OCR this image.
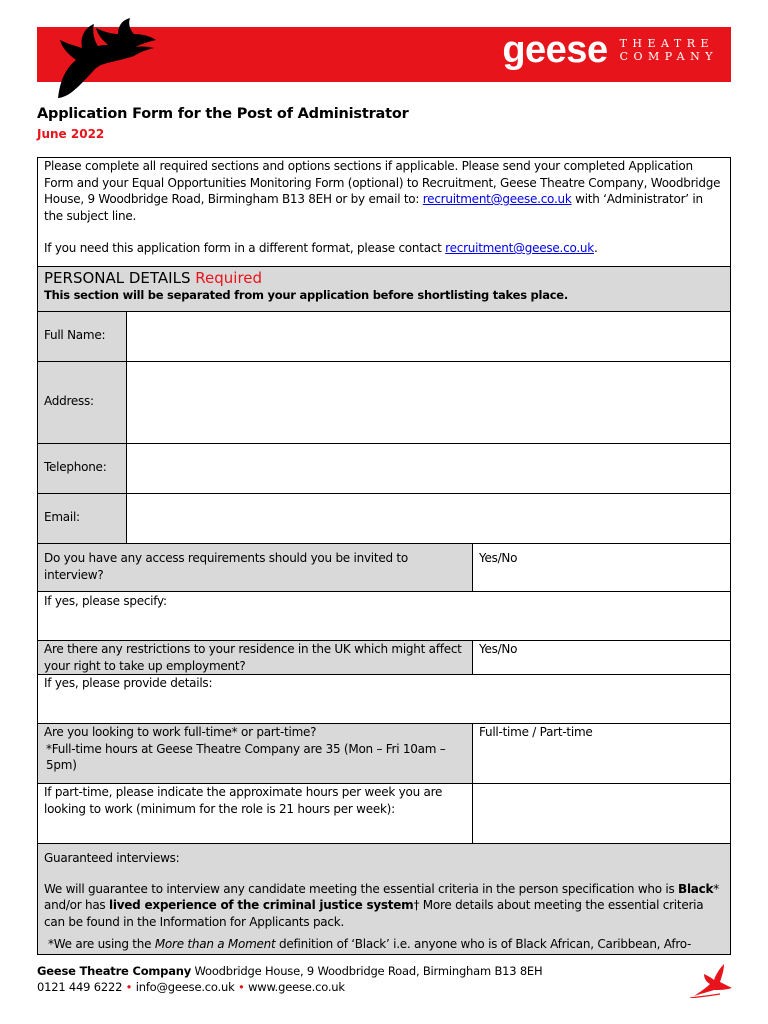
geese THEATRE
COMPANY
Application Form for the Post of Administrator
June 2022

Please complete all required sections and options sections if applicable. Please send your completed Application Form and your Equal Opportunities Monitoring Form (optional) to Recruitment, Geese Theatre Company, Woodbridge House, 9 Woodbridge Road, Birmingham B13 8EH or by email to: recruitment@geese.co.uk with ‘Administrator’ in the subject line.

If you need this application form in a different format, please contact recruitment@geese.co.uk.

PERSONAL DETAILS Required
This section will be separated from your application before shortlisting takes place.
Full Name:
Address:
Telephone:
Email:
Do you have any access requirements should you be invited to interview?
Yes/No
If yes, please specify:
Are there any restrictions to your residence in the UK which might affect your right to take up employment?
Yes/No
If yes, please provide details:
Are you looking to work full-time* or part-time?
*Full-time hours at Geese Theatre Company are 35 (Mon – Fri 10am – 5pm)
Full-time / Part-time
If part-time, please indicate the approximate hours per week you are looking to work (minimum for the role is 21 hours per week):
Guaranteed interviews:

We will guarantee to interview any candidate meeting the essential criteria in the person specification who is Black* and/or has lived experience of the criminal justice system† More details about meeting the essential criteria can be found in the Information for Applicants pack.

*We are using the More than a Moment definition of ‘Black’ i.e. anyone who is of Black African, Caribbean, Afro-

Geese Theatre Company Woodbridge House, 9 Woodbridge Road, Birmingham B13 8EH
0121 449 6222 • info@geese.co.uk • www.geese.co.uk
